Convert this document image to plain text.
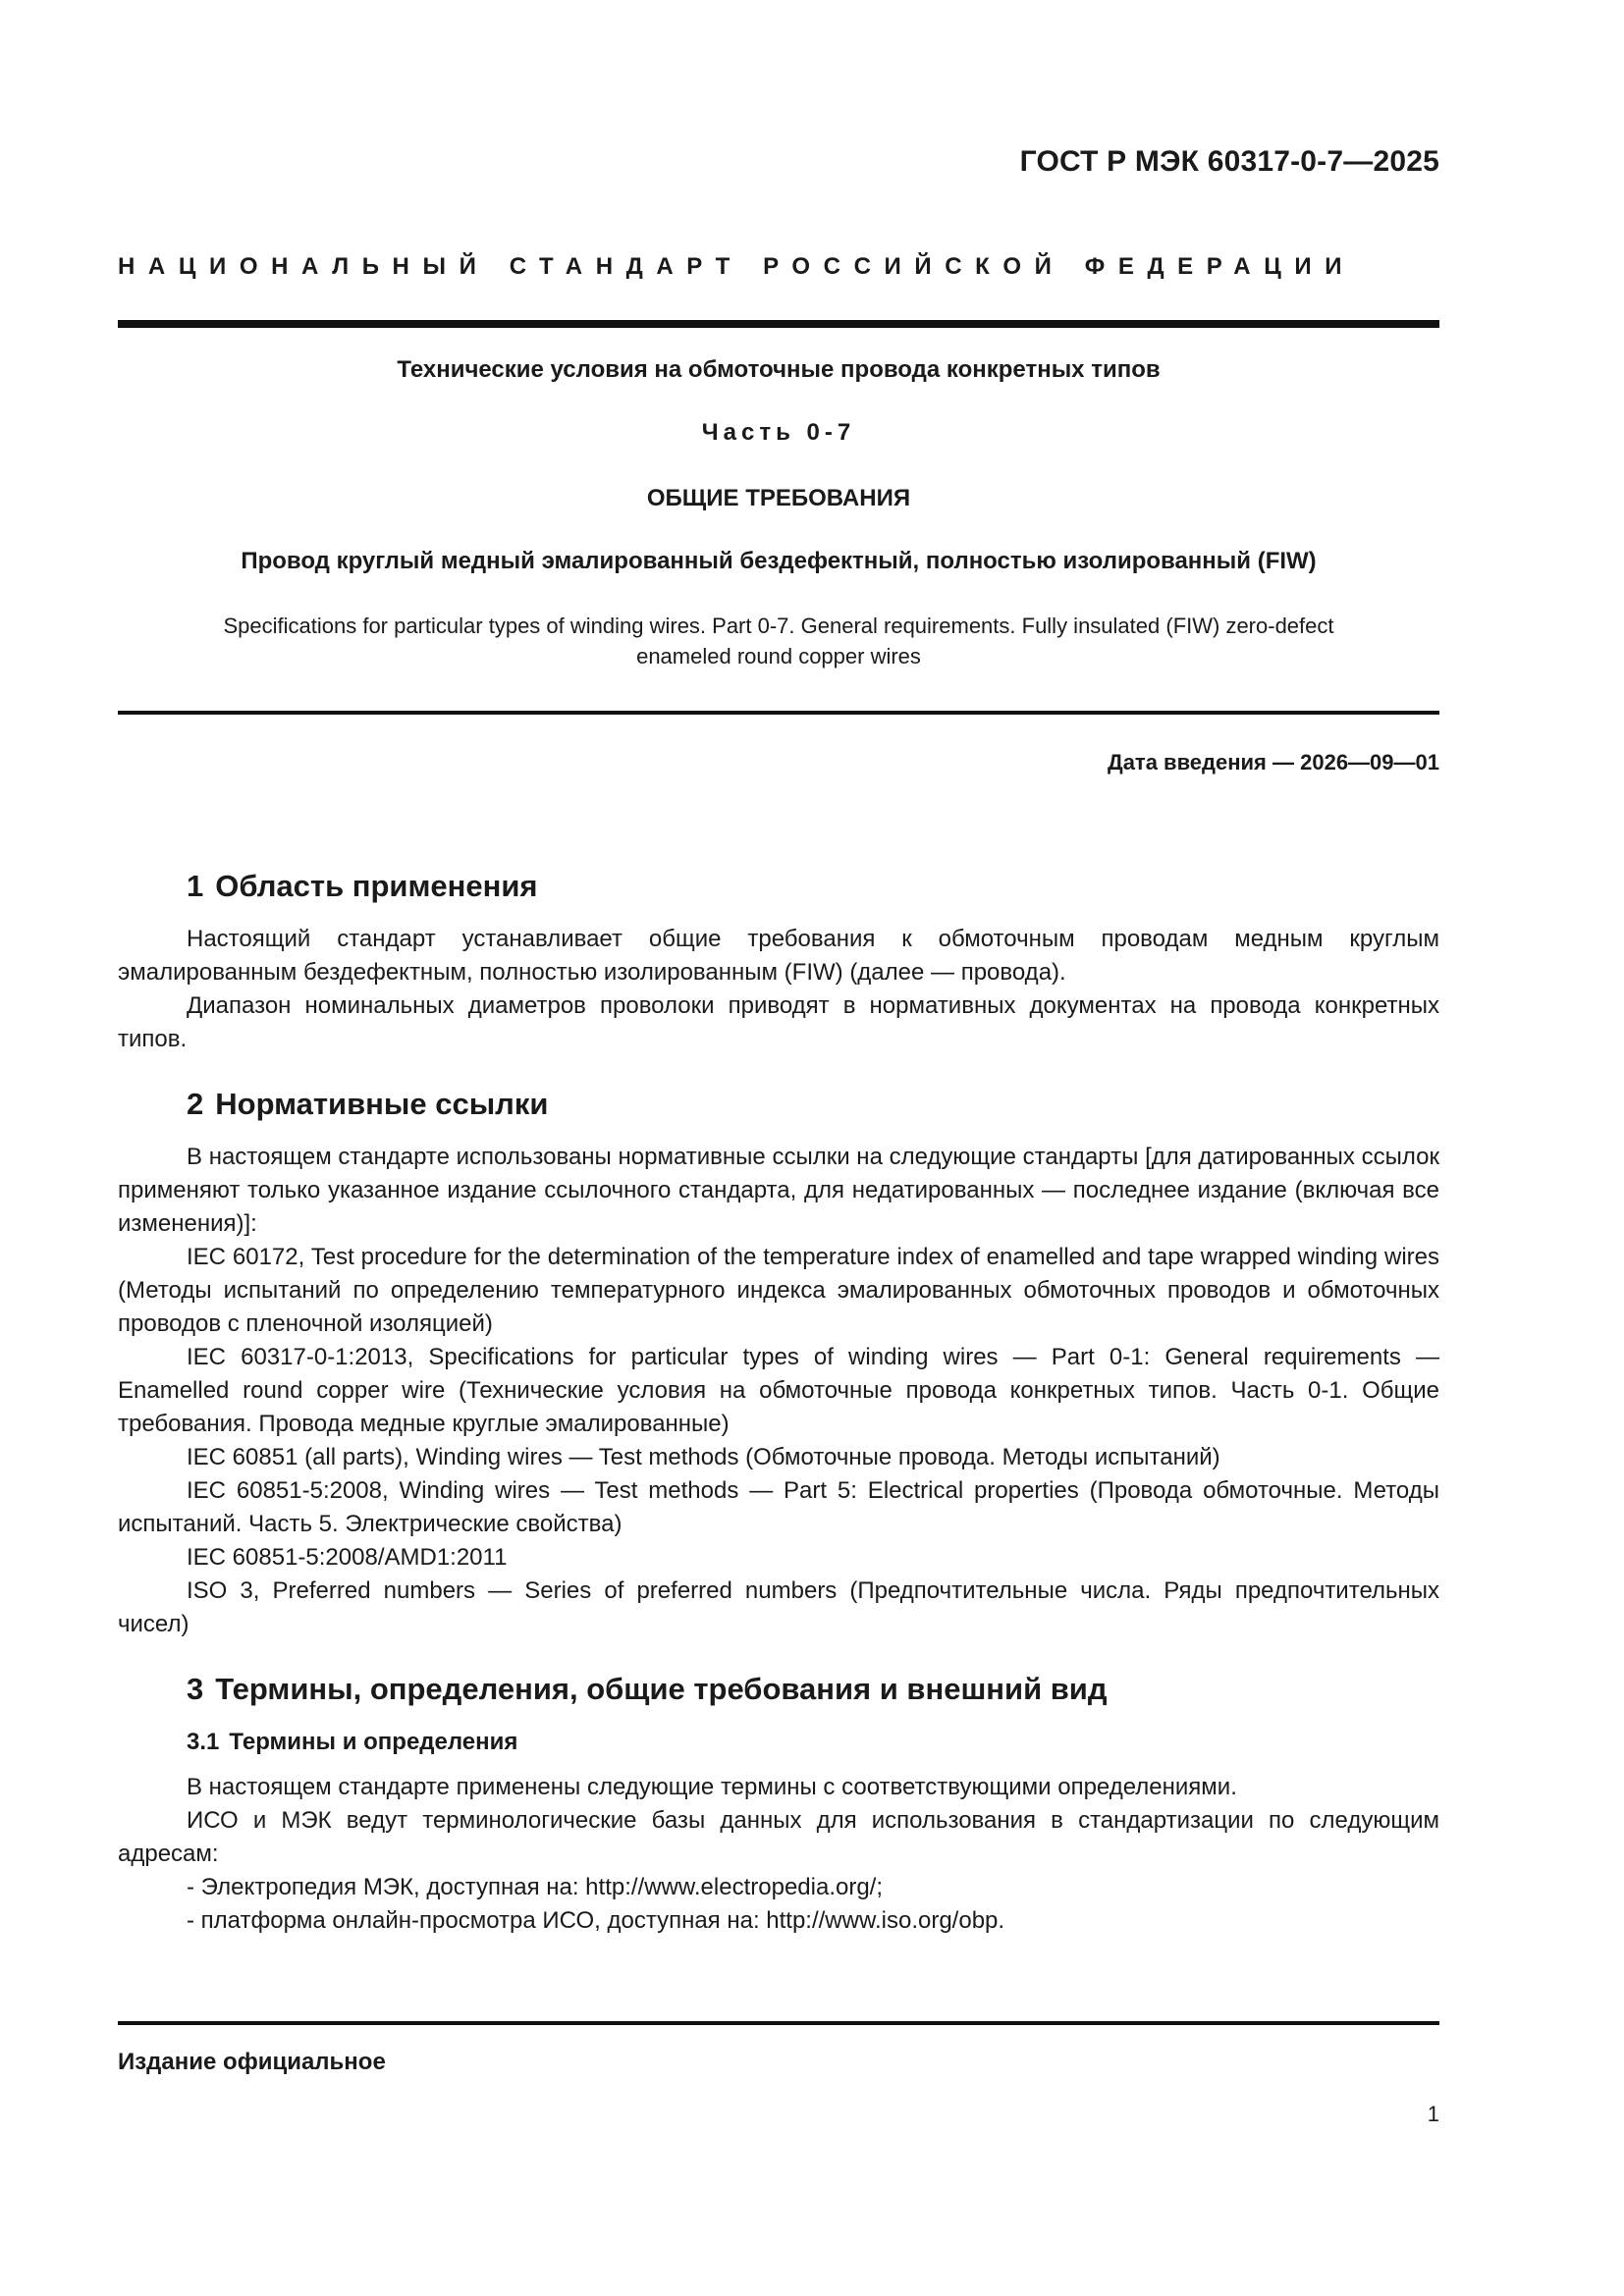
ГОСТ Р МЭК 60317-0-7—2025
НАЦИОНАЛЬНЫЙ СТАНДАРТ РОССИЙСКОЙ ФЕДЕРАЦИИ
Технические условия на обмоточные провода конкретных типов
Часть 0-7
ОБЩИЕ ТРЕБОВАНИЯ
Провод круглый медный эмалированный бездефектный, полностью изолированный (FIW)
Specifications for particular types of winding wires. Part 0-7. General requirements. Fully insulated (FIW) zero-defect
enameled round copper wires
Дата введения — 2026—09—01
1 Область применения

Настоящий стандарт устанавливает общие требования к обмоточным проводам медным круглым эмалированным бездефектным, полностью изолированным (FIW) (далее — провода).

Диапазон номинальных диаметров проволоки приводят в нормативных документах на провода конкретных типов.

2 Нормативные ссылки

В настоящем стандарте использованы нормативные ссылки на следующие стандарты [для датированных ссылок применяют только указанное издание ссылочного стандарта, для недатированных — последнее издание (включая все изменения)]:

IEC 60172, Test procedure for the determination of the temperature index of enamelled and tape wrapped winding wires (Методы испытаний по определению температурного индекса эмалированных обмоточных проводов и обмоточных проводов с пленочной изоляцией)

IEC 60317-0-1:2013, Specifications for particular types of winding wires — Part 0-1: General requirements — Enamelled round copper wire (Технические условия на обмоточные провода конкретных типов. Часть 0-1. Общие требования. Провода медные круглые эмалированные)

IEC 60851 (all parts), Winding wires — Test methods (Обмоточные провода. Методы испытаний)

IEC 60851-5:2008, Winding wires — Test methods — Part 5: Electrical properties (Провода обмоточные. Методы испытаний. Часть 5. Электрические свойства)

IEC 60851-5:2008/AMD1:2011

ISO 3, Preferred numbers — Series of preferred numbers (Предпочтительные числа. Ряды предпочтительных чисел)

3 Термины, определения, общие требования и внешний вид
3.1 Термины и определения

В настоящем стандарте применены следующие термины с соответствующими определениями.

ИСО и МЭК ведут терминологические базы данных для использования в стандартизации по следующим адресам:

- Электропедия МЭК, доступная на: http://www.electropedia.org/;

- платформа онлайн-просмотра ИСО, доступная на: http://www.iso.org/obp.

Издание официальное
1
